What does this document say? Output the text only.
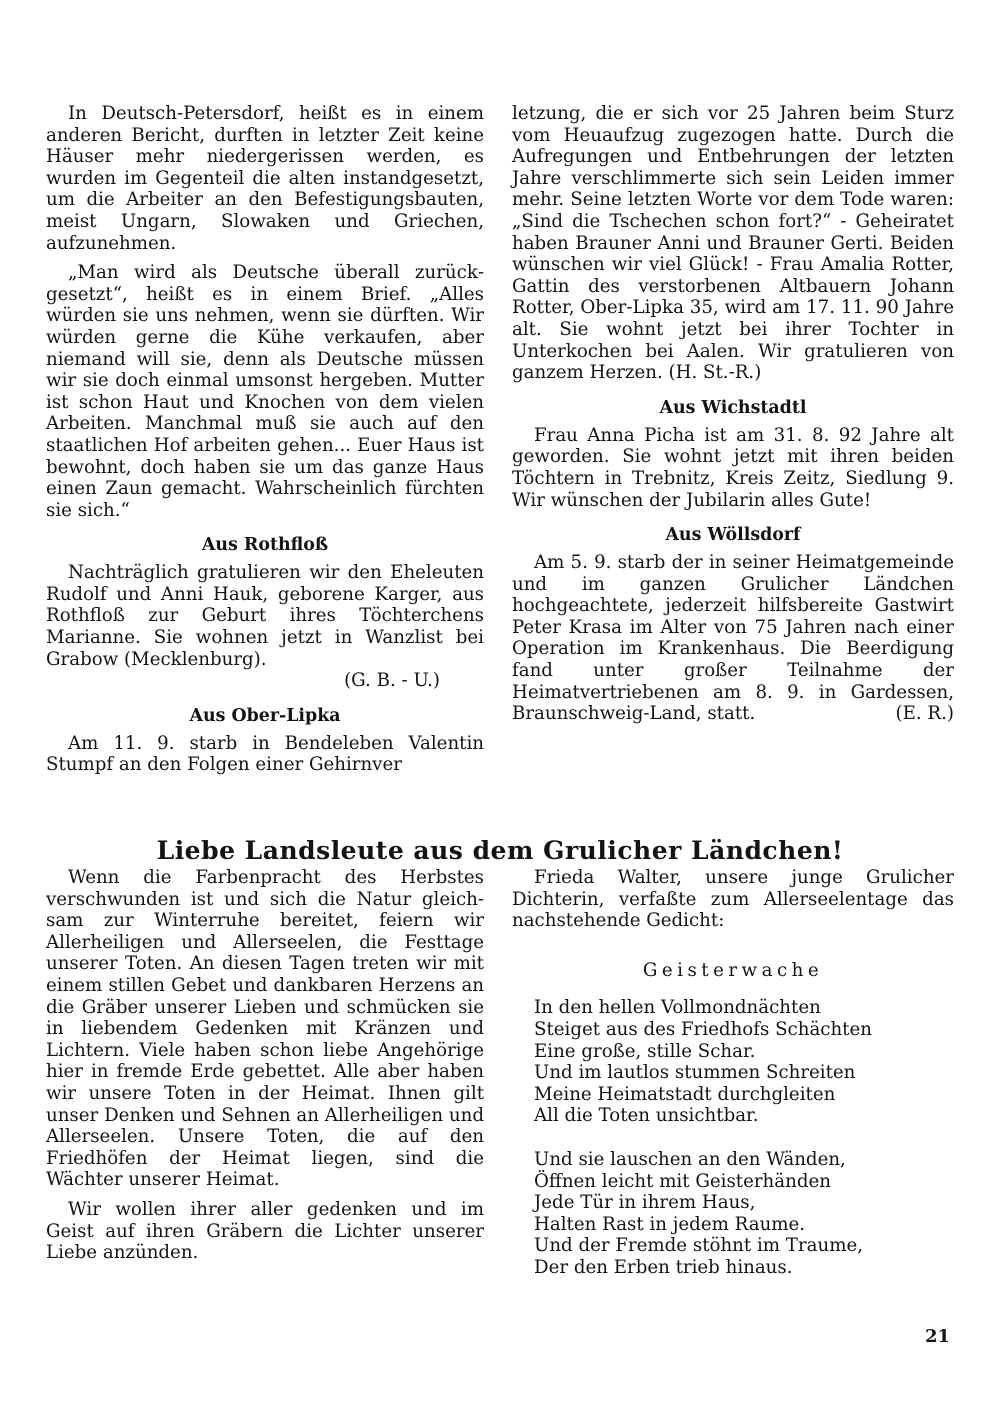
In Deutsch-Petersdorf, heißt es in einem anderen Bericht, durften in letzter Zeit keine Häuser mehr niedergerissen werden, es wurden im Gegenteil die alten instandgesetzt, um die Arbeiter an den Befestigungsbauten, meist Ungarn, Slowaken und Griechen, aufzunehmen.

„Man wird als Deutsche überall zurückgesetzt“, heißt es in einem Brief. „Alles würden sie uns nehmen, wenn sie dürften. Wir würden gerne die Kühe verkaufen, aber niemand will sie, denn als Deutsche müssen wir sie doch einmal umsonst hergeben. Mutter ist schon Haut und Knochen von dem vielen Arbeiten. Manchmal muß sie auch auf den staatlichen Hof arbeiten gehen... Euer Haus ist bewohnt, doch haben sie um das ganze Haus einen Zaun gemacht. Wahrscheinlich fürchten sie sich.“

Aus Rothfloß

Nachträglich gratulieren wir den Eheleuten Rudolf und Anni Hauk, geborene Karger, aus Rothfloß zur Geburt ihres Töchterchens Marianne. Sie wohnen jetzt in Wanzlist bei Grabow (Mecklenburg).

(G. B. - U.)
Aus Ober-Lipka

Am 11. 9. starb in Bendeleben Valentin Stumpf an den Folgen einer Gehirnver

letzung, die er sich vor 25 Jahren beim Sturz vom Heuaufzug zugezogen hatte. Durch die Aufregungen und Entbehrungen der letzten Jahre verschlimmerte sich sein Leiden immer mehr. Seine letzten Worte vor dem Tode waren: „Sind die Tschechen schon fort?“ - Geheiratet haben Brauner Anni und Brauner Gerti. Beiden wünschen wir viel Glück! - Frau Amalia Rotter, Gattin des verstorbenen Altbauern Johann Rotter, Ober-Lipka 35, wird am 17. 11. 90 Jahre alt. Sie wohnt jetzt bei ihrer Tochter in Unterkochen bei Aalen. Wir gratulieren von ganzem Herzen. (H. St.-R.)

Aus Wichstadtl

Frau Anna Picha ist am 31. 8. 92 Jahre alt geworden. Sie wohnt jetzt mit ihren beiden Töchtern in Trebnitz, Kreis Zeitz, Siedlung 9. Wir wünschen der Jubilarin alles Gute!

Aus Wöllsdorf

Am 5. 9. starb der in seiner Heimatgemeinde und im ganzen Grulicher Ländchen hochgeachtete, jederzeit hilfsbereite Gastwirt Peter Krasa im Alter von 75 Jahren nach einer Operation im Krankenhaus. Die Beerdigung fand unter großer Teilnahme der Heimatvertriebenen am 8. 9. in Gardessen, Braunschweig-Land, statt.	(E. R.)

Liebe Landsleute aus dem Grulicher Ländchen!

Wenn die Farbenpracht des Herbstes verschwunden ist und sich die Natur gleichsam zur Winterruhe bereitet, feiern wir Allerheiligen und Allerseelen, die Festtage unserer Toten. An diesen Tagen treten wir mit einem stillen Gebet und dankbaren Herzens an die Gräber unserer Lieben und schmücken sie in liebendem Gedenken mit Kränzen und Lichtern. Viele haben schon liebe Angehörige hier in fremde Erde gebettet. Alle aber haben wir unsere Toten in der Heimat. Ihnen gilt unser Denken und Sehnen an Allerheiligen und Allerseelen. Unsere Toten, die auf den Friedhöfen der Heimat liegen, sind die Wächter unserer Heimat.

Wir wollen ihrer aller gedenken und im Geist auf ihren Gräbern die Lichter unserer Liebe anzünden.

Frieda Walter, unsere junge Grulicher Dichterin, verfaßte zum Allerseelentage das nachstehende Gedicht:

Geisterwache
In den hellen Vollmondnächten
Steiget aus des Friedhofs Schächten
Eine große, stille Schar.
Und im lautlos stummen Schreiten
Meine Heimatstadt durchgleiten
All die Toten unsichtbar.
Und sie lauschen an den Wänden,
Öffnen leicht mit Geisterhänden
Jede Tür in ihrem Haus,
Halten Rast in jedem Raume.
Und der Fremde stöhnt im Traume,
Der den Erben trieb hinaus.
21
